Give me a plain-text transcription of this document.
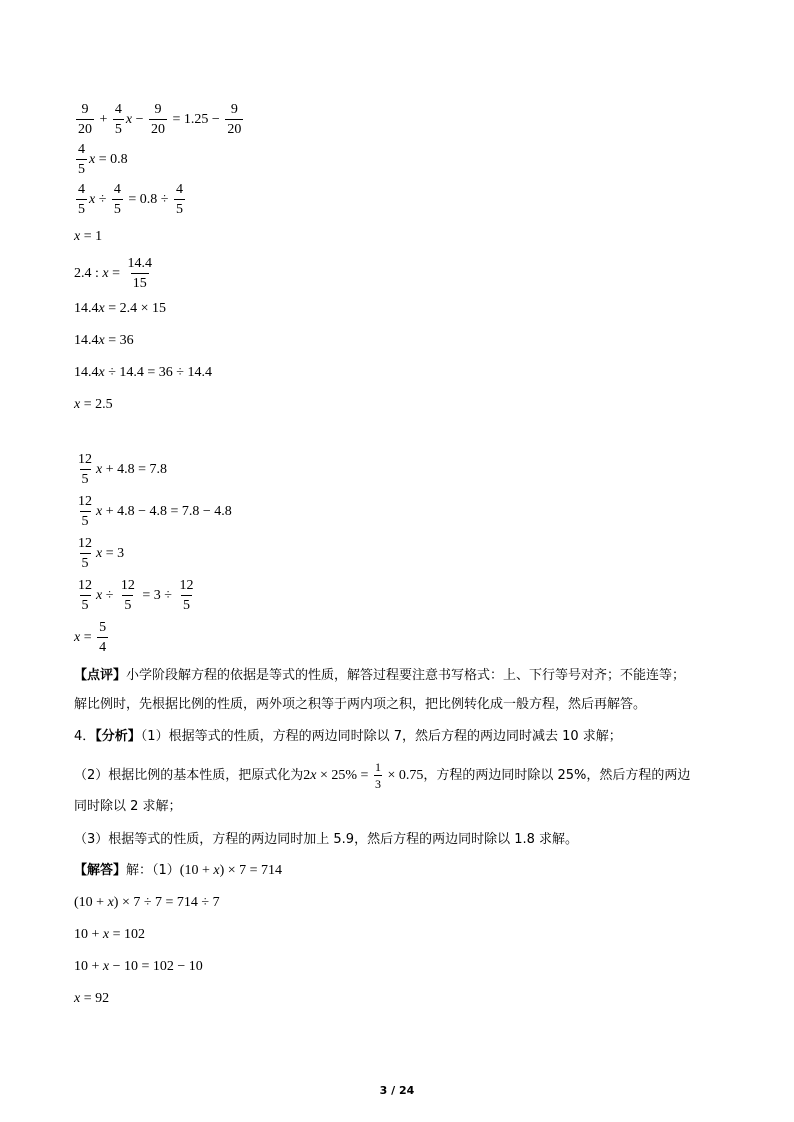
$\frac{9}{20} + \frac{4}{5}$ $x - \frac{9}{20} = 1.25 - \frac{9}{20}$
$\frac{4}{5}$ x = 0.8
$\frac{4}{5}$ $x \div \frac{4}{5} = 0.8 \div \frac{4}{5}$
x = 1
2.4 : $x = \frac{14.4}{15}$
14.4 x = 2.4 × 15
14.4 x = 36
14.4 x ÷ 14.4 = 36 ÷ 14.4
x = 2.5
$\frac{12}{5}$ x + 4.8 = 7.8
$\frac{12}{5}$ x + 4.8 − 4.8 = 7.8 − 4.8
$\frac{12}{5}$ x = 3
$\frac{12}{5}$ $x \div \frac{12}{5} = 3 \div \frac{12}{5}$
$x = \frac{5}{4}$
【点评】小学阶段解方程的依据是等式的性质，解答过程要注意书写格式：上、下行等号对齐；不能连等；
解比例时，先根据比例的性质，两外项之积等于两内项之积，把比例转化成一般方程，然后再解答。
4．【分析】（1）根据等式的性质，方程的两边同时除以 7，然后方程的两边同时减去 10 求解；
（2）根据比例的基本性质，把原式化为 2 $x \times 25\% = \frac{1}{3} \times 0.75$ ，方程的两边同时除以 25%，然后方程的两边
同时除以 2 求解；
（3）根据等式的性质，方程的两边同时加上 5.9，然后方程的两边同时除以 1.8 求解。
【解答】解：（1）(10 + x) × 7 = 714
(10 + x ) × 7 ÷ 7 = 714 ÷ 7
10 + x = 102
10 + x − 10 = 102 − 10
x = 92
3 / 24
